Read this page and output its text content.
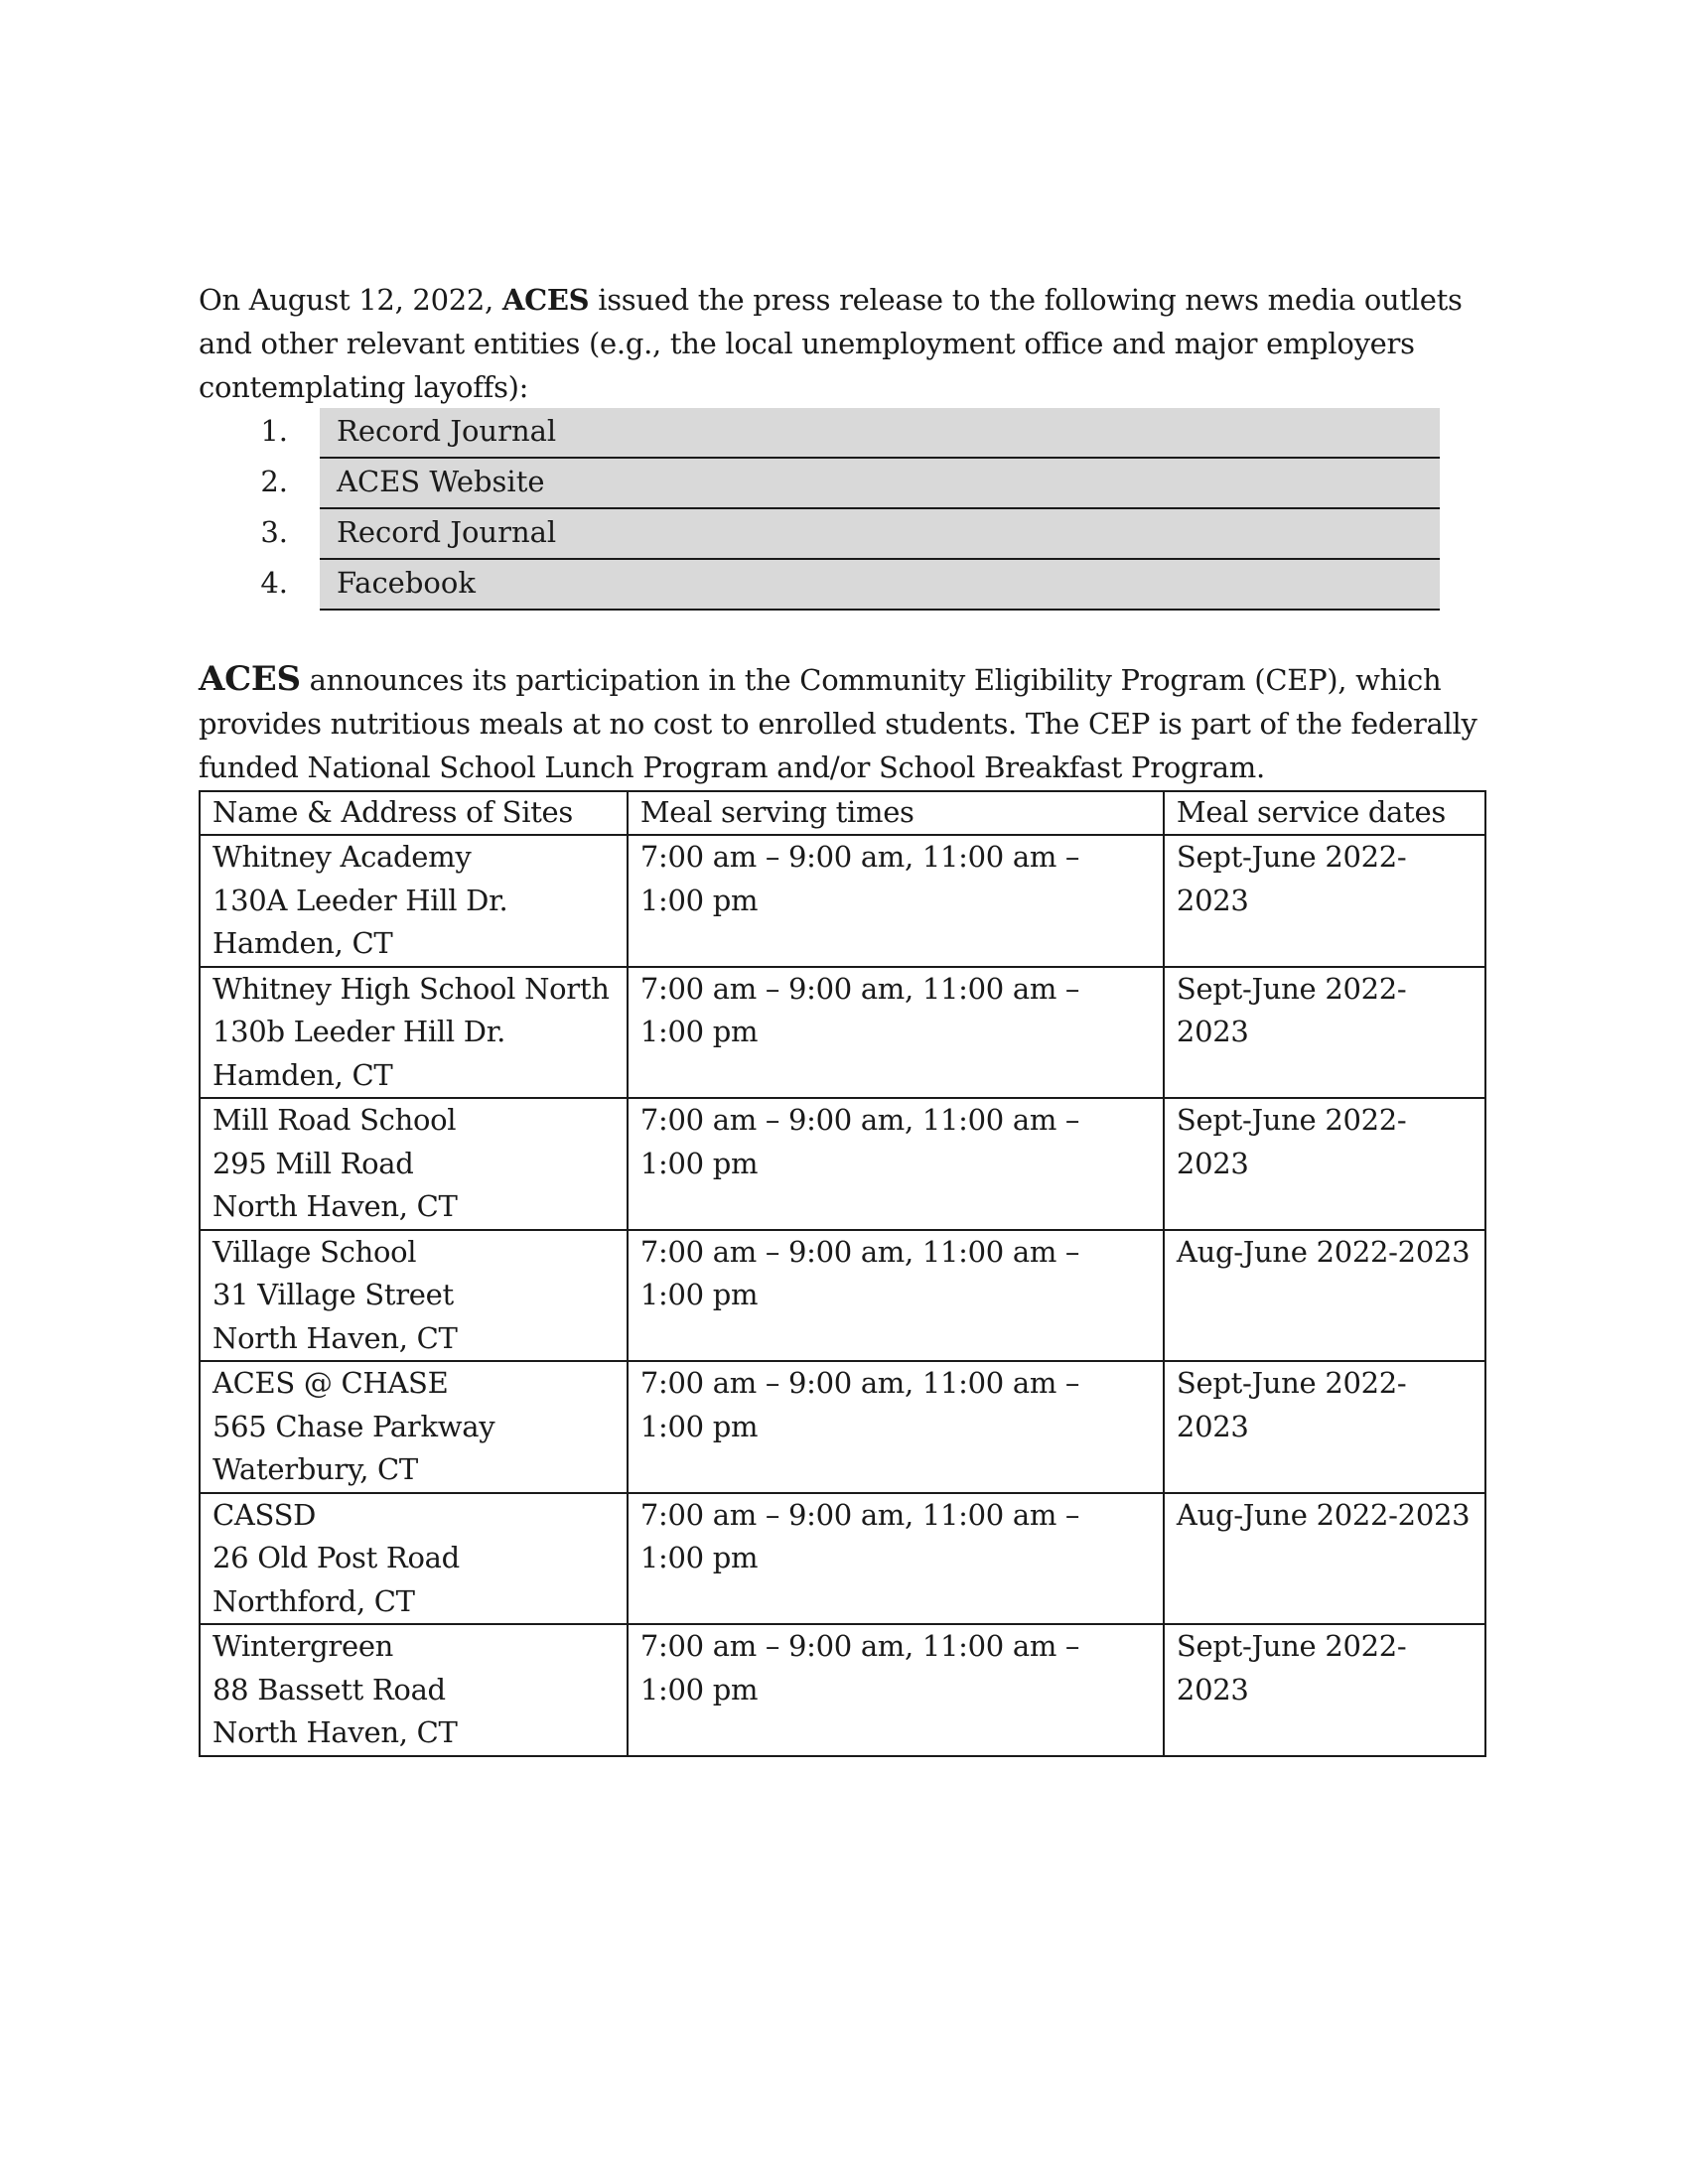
On August 12, 2022, ACES issued the press release to the following news media outlets and other relevant entities (e.g., the local unemployment office and major employers contemplating layoffs):

1.	Record Journal
2.	ACES Website
3.	Record Journal
4.	Facebook

ACES announces its participation in the Community Eligibility Program (CEP), which provides nutritious meals at no cost to enrolled students. The CEP is part of the federally funded National School Lunch Program and/or School Breakfast Program.

Name & Address of Sites	Meal serving times	Meal service dates

Whitney Academy
130A Leeder Hill Dr.
Hamden, CT	7:00 am – 9:00 am, 11:00 am – 1:00 pm	Sept-June 2022-2023

Whitney High School North
130b Leeder Hill Dr.
Hamden, CT	7:00 am – 9:00 am, 11:00 am – 1:00 pm	Sept-June 2022-2023

Mill Road School
295 Mill Road
North Haven, CT	7:00 am – 9:00 am, 11:00 am – 1:00 pm	Sept-June 2022-2023

Village School
31 Village Street
North Haven, CT	7:00 am – 9:00 am, 11:00 am – 1:00 pm	Aug-June 2022-2023

ACES @ CHASE
565 Chase Parkway
Waterbury, CT	7:00 am – 9:00 am, 11:00 am – 1:00 pm	Sept-June 2022-2023

CASSD
26 Old Post Road
Northford, CT	7:00 am – 9:00 am, 11:00 am – 1:00 pm	Aug-June 2022-2023

Wintergreen
88 Bassett Road
North Haven, CT	7:00 am – 9:00 am, 11:00 am – 1:00 pm	Sept-June 2022-2023
